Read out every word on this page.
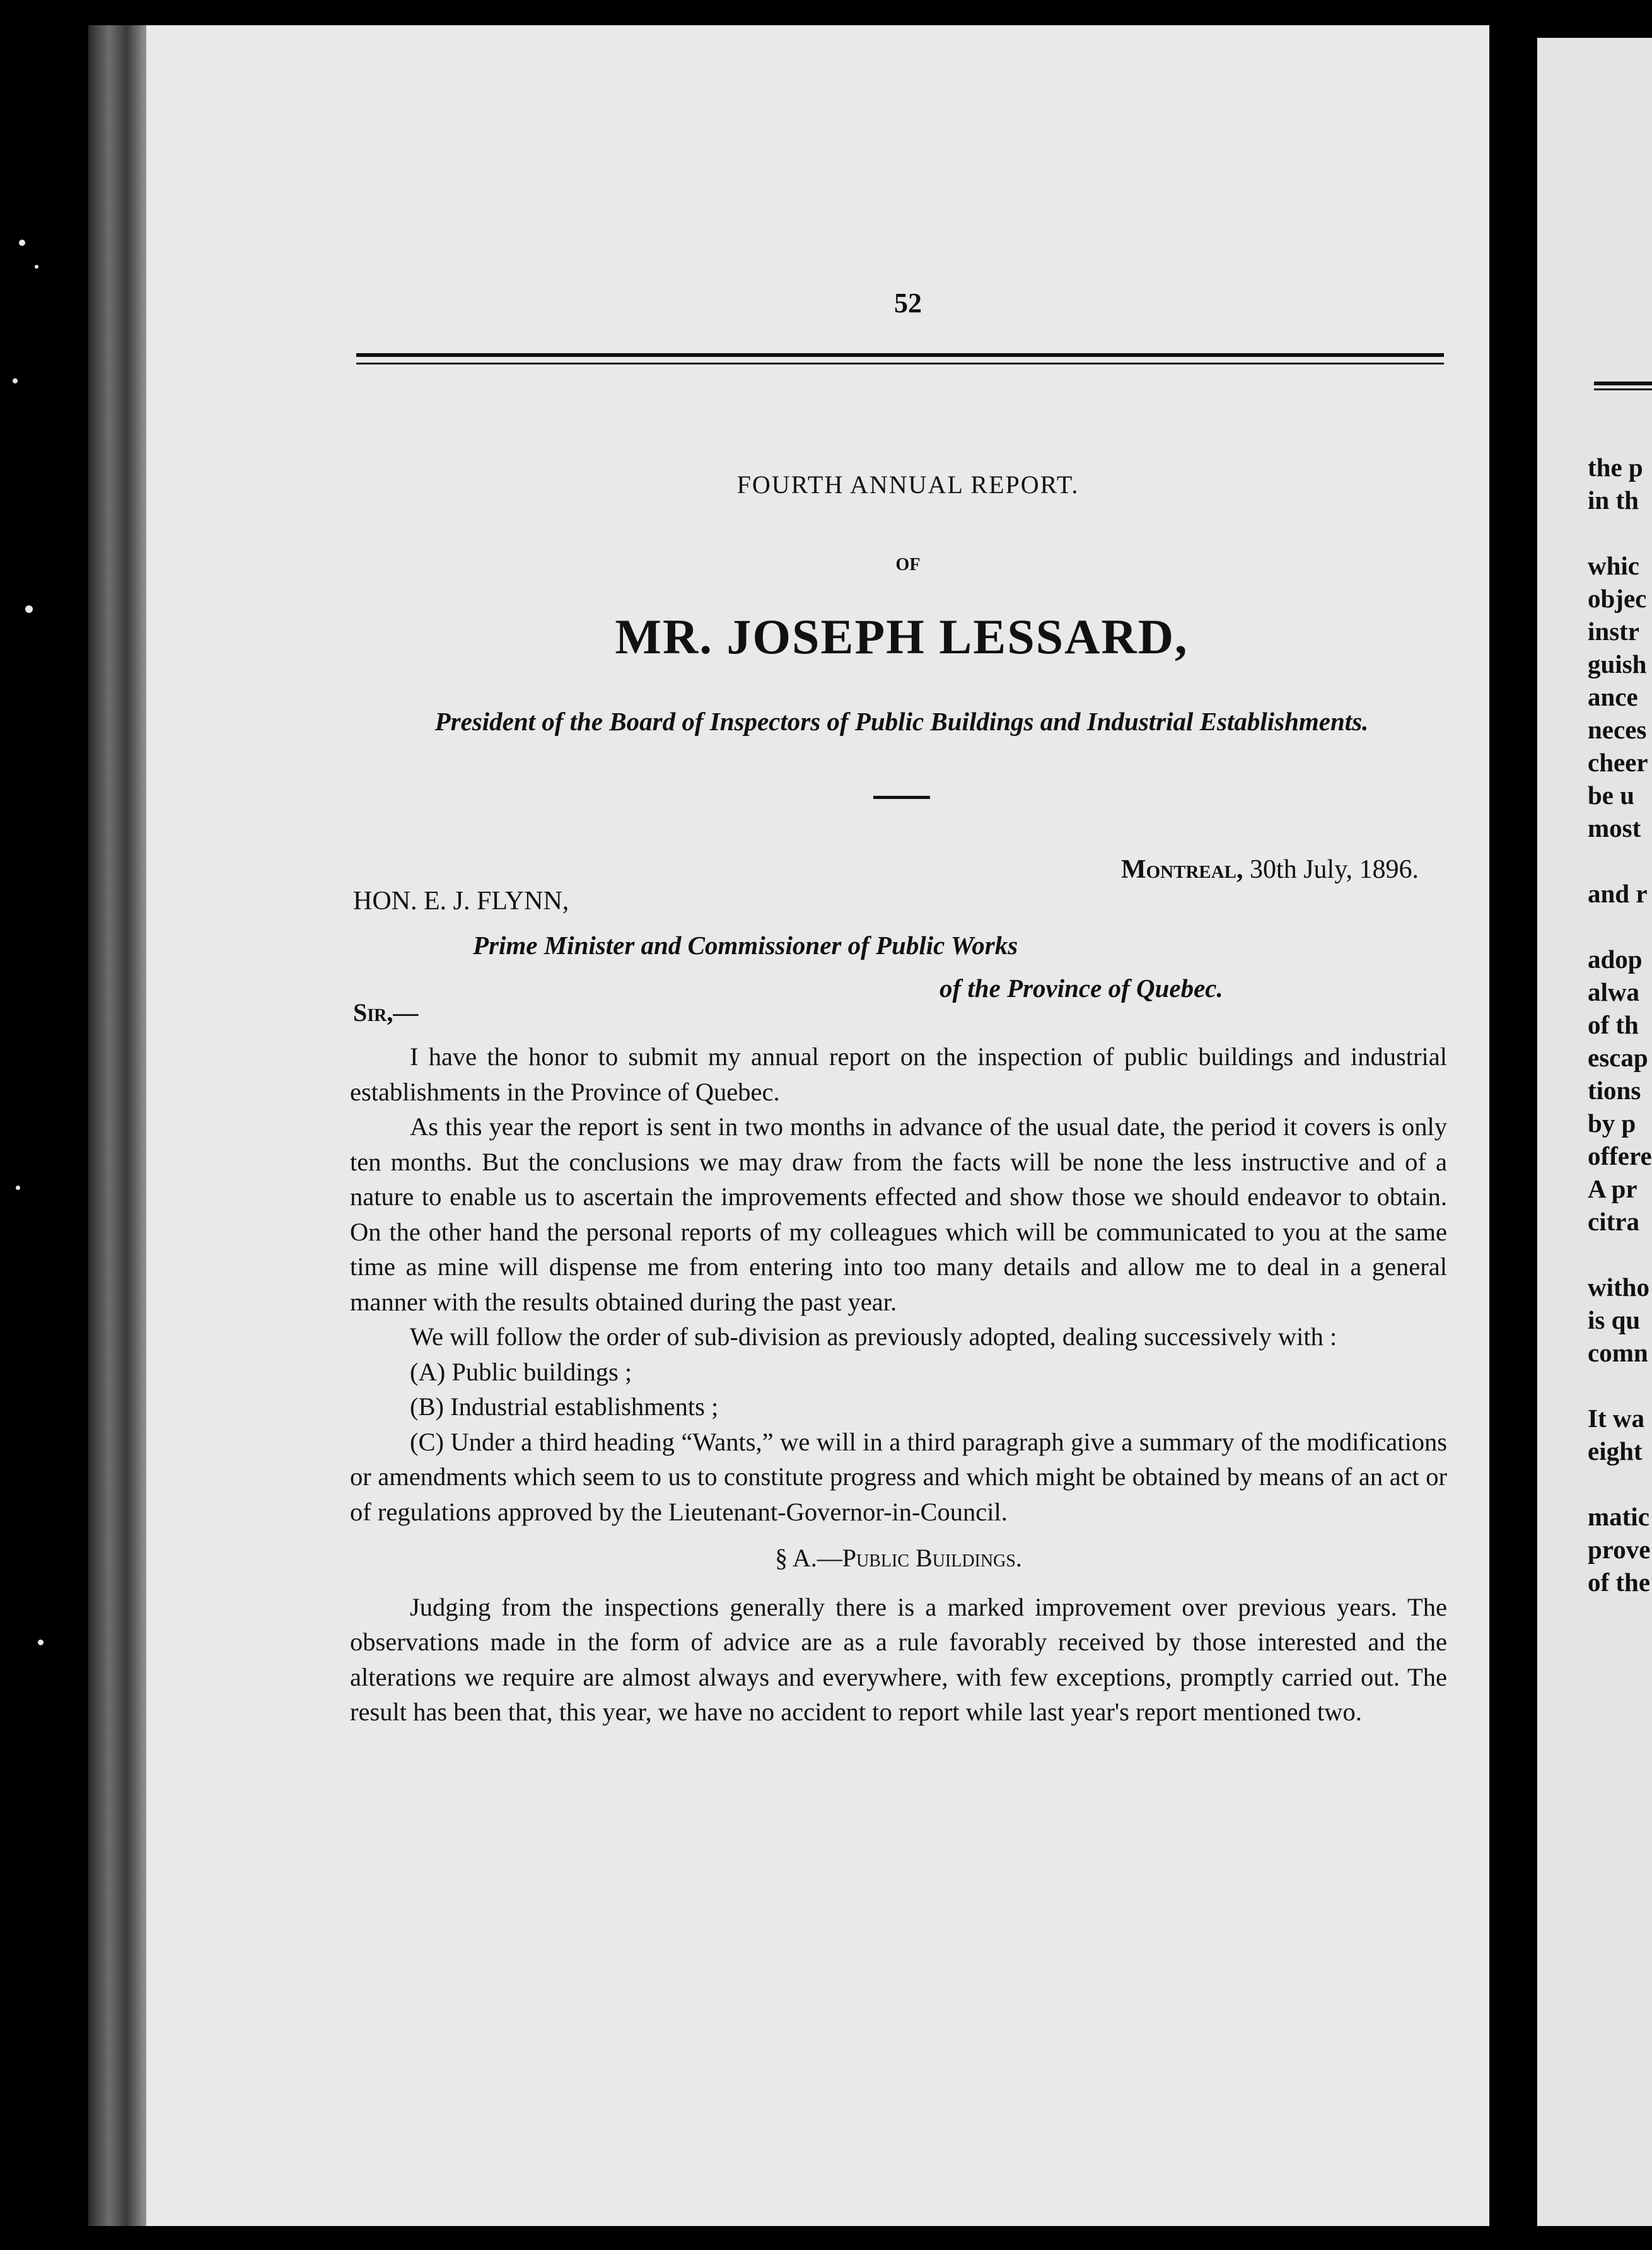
the p
in th
whic
objec
instr
guish
ance
neces
cheer
be u
most
and r
adop
alwa
of th
escap
tions
by p
offere
A pr
citra
witho
is qu
comn
It wa
eight
matic
prove
of the
52
FOURTH ANNUAL REPORT.
OF
MR. JOSEPH LESSARD,
President of the Board of Inspectors of Public Buildings and Industrial Establishments.
Montreal, 30th July, 1896.
HON. E. J. FLYNN,
Prime Minister and Commissioner of Public Works
of the Province of Quebec.
Sir,—

I have the honor to submit my annual report on the inspection of public buildings and industrial establishments in the Province of Quebec.

As this year the report is sent in two months in advance of the usual date, the period it covers is only ten months. But the conclusions we may draw from the facts will be none the less instructive and of a nature to enable us to ascertain the improvements effected and show those we should endeavor to obtain. On the other hand the personal reports of my colleagues which will be communicated to you at the same time as mine will dispense me from entering into too many details and allow me to deal in a general manner with the results obtained during the past year.

We will follow the order of sub-division as previously adopted, dealing successively with :

(A) Public buildings ;

(B) Industrial establishments ;

(C) Under a third heading “Wants,” we will in a third paragraph give a summary of the modifications or amendments which seem to us to constitute progress and which might be obtained by means of an act or of regulations approved by the Lieutenant-Governor-in-Council.

§ A.—Public Buildings.

Judging from the inspections generally there is a marked improvement over previous years. The observations made in the form of advice are as a rule favorably received by those interested and the alterations we require are almost always and everywhere, with few exceptions, promptly carried out. The result has been that, this year, we have no accident to report while last year's report mentioned two.
